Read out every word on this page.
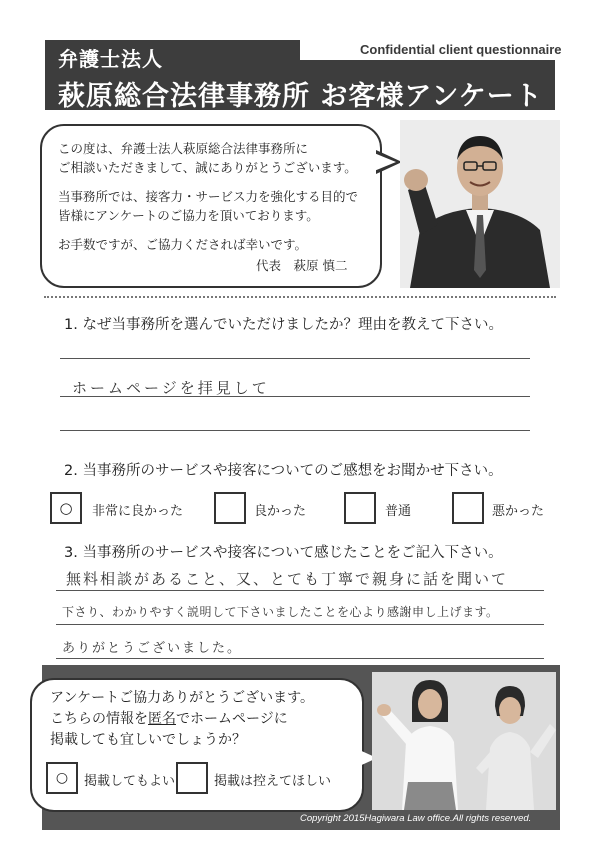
Confidential client questionnaire
弁護士法人
萩原総合法律事務所 お客様アンケート
この度は、弁護士法人萩原総合法律事務所に
ご相談いただきまして、誠にありがとうございます。
当事務所では、接客力・サービス力を強化する目的で
皆様にアンケートのご協力を頂いております。
お手数ですが、ご協力くだされば幸いです。
代表　萩原 慎二
1. なぜ当事務所を選んでいただけましたか？理由を教えて下さい。
ホームページを拝見して
2. 当事務所のサービスや接客についてのご感想をお聞かせ下さい。
○	非常に良かった	良かった	普通	悪かった
3. 当事務所のサービスや接客について感じたことをご記入下さい。
無料相談があること、又、とても丁寧で親身に話を聞いて
下さり、わかりやすく説明して下さいましたことを心より感謝申し上げます。
ありがとうございました。
アンケートご協力ありがとうございます。
こちらの情報を匿名でホームページに
掲載しても宜しいでしょうか？
○	掲載してもよい	掲載は控えてほしい
Copyright 2015Hagiwara Law office.All rights reserved.
